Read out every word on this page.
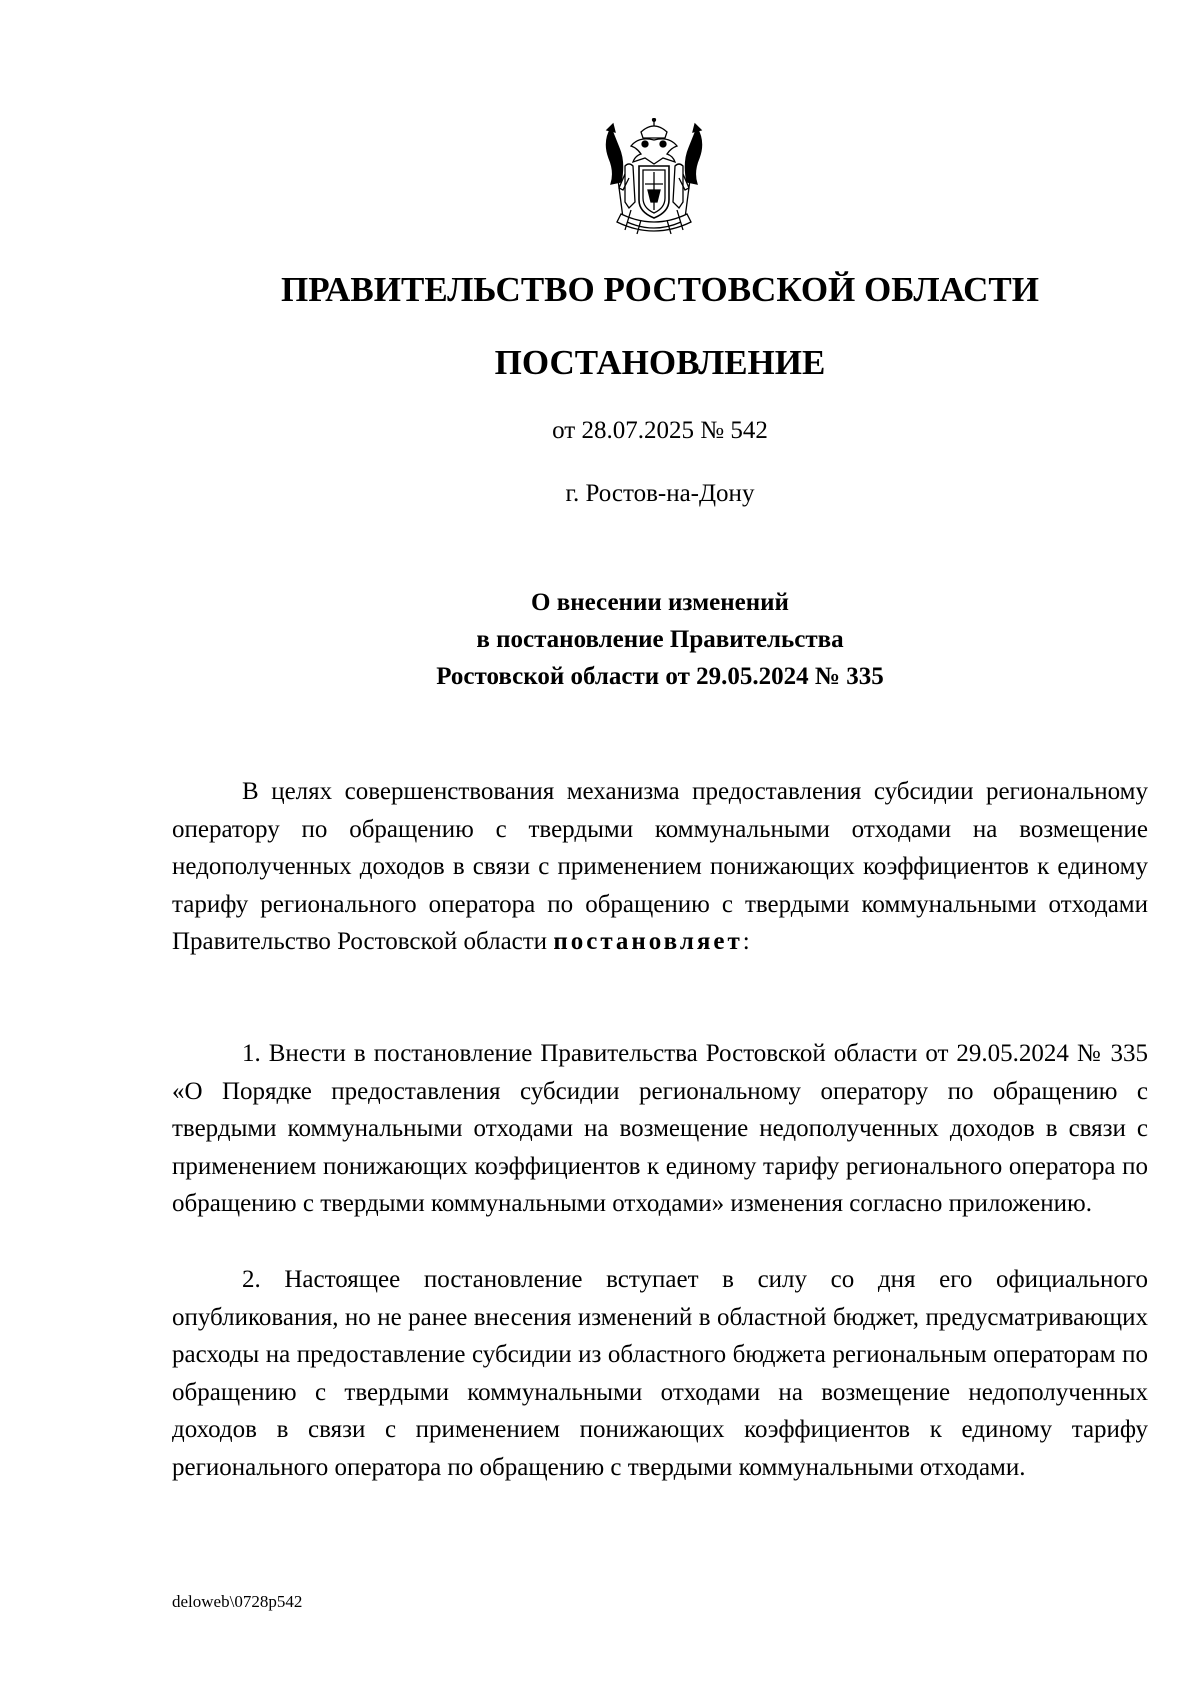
ПРАВИТЕЛЬСТВО РОСТОВСКОЙ ОБЛАСТИ
ПОСТАНОВЛЕНИЕ
от 28.07.2025 № 542
г. Ростов-на-Дону
О внесении изменений
в постановление Правительства
Ростовской области от 29.05.2024 № 335

В целях совершенствования механизма предоставления субсидии региональному оператору по обращению с твердыми коммунальными отходами на возмещение недополученных доходов в связи с применением понижающих коэффициентов к единому тарифу регионального оператора по обращению с твердыми коммунальными отходами Правительство Ростовской области постановляет:

1. Внести в постановление Правительства Ростовской области от 29.05.2024 № 335 «О Порядке предоставления субсидии региональному оператору по обращению с твердыми коммунальными отходами на возмещение недополученных доходов в связи с применением понижающих коэффициентов к единому тарифу регионального оператора по обращению с твердыми коммунальными отходами» изменения согласно приложению.

2. Настоящее постановление вступает в силу со дня его официального опубликования, но не ранее внесения изменений в областной бюджет, предусматривающих расходы на предоставление субсидии из областного бюджета региональным операторам по обращению с твердыми коммунальными отходами на возмещение недополученных доходов в связи с применением понижающих коэффициентов к единому тарифу регионального оператора по обращению с твердыми коммунальными отходами.

deloweb\0728p542
